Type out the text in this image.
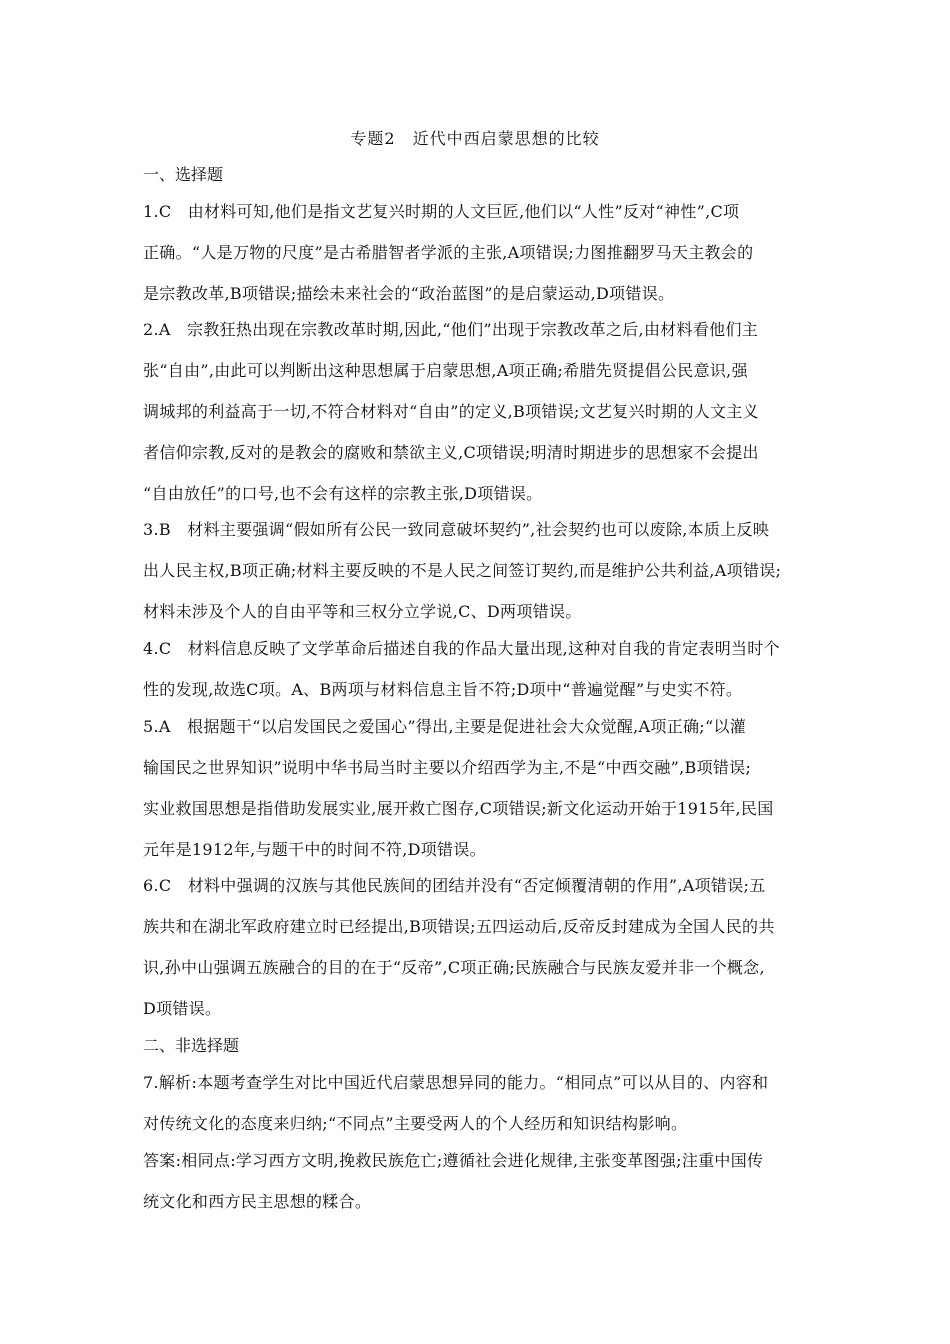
专题2　近代中西启蒙思想的比较
一、选择题
1.C　由材料可知,他们是指文艺复兴时期的人文巨匠,他们以“人性”反对“神性”,C项
正确。“人是万物的尺度”是古希腊智者学派的主张,A项错误;力图推翻罗马天主教会的
是宗教改革,B项错误;描绘未来社会的“政治蓝图”的是启蒙运动,D项错误。
2.A　宗教狂热出现在宗教改革时期,因此,“他们”出现于宗教改革之后,由材料看他们主
张“自由”,由此可以判断出这种思想属于启蒙思想,A项正确;希腊先贤提倡公民意识,强
调城邦的利益高于一切,不符合材料对“自由”的定义,B项错误;文艺复兴时期的人文主义
者信仰宗教,反对的是教会的腐败和禁欲主义,C项错误;明清时期进步的思想家不会提出
“自由放任”的口号,也不会有这样的宗教主张,D项错误。
3.B　材料主要强调“假如所有公民一致同意破坏契约”,社会契约也可以废除,本质上反映
出人民主权,B项正确;材料主要反映的不是人民之间签订契约,而是维护公共利益,A项错误;
材料未涉及个人的自由平等和三权分立学说,C、D两项错误。
4.C　材料信息反映了文学革命后描述自我的作品大量出现,这种对自我的肯定表明当时个
性的发现,故选C项。A、B两项与材料信息主旨不符;D项中“普遍觉醒”与史实不符。
5.A　根据题干“以启发国民之爱国心”得出,主要是促进社会大众觉醒,A项正确;“以灌
输国民之世界知识”说明中华书局当时主要以介绍西学为主,不是“中西交融”,B项错误;
实业救国思想是指借助发展实业,展开救亡图存,C项错误;新文化运动开始于1915年,民国
元年是1912年,与题干中的时间不符,D项错误。
6.C　材料中强调的汉族与其他民族间的团结并没有“否定倾覆清朝的作用”,A项错误;五
族共和在湖北军政府建立时已经提出,B项错误;五四运动后,反帝反封建成为全国人民的共
识,孙中山强调五族融合的目的在于“反帝”,C项正确;民族融合与民族友爱并非一个概念,
D项错误。
二、非选择题
7.解析:本题考查学生对比中国近代启蒙思想异同的能力。“相同点”可以从目的、内容和
对传统文化的态度来归纳;“不同点”主要受两人的个人经历和知识结构影响。
答案:相同点:学习西方文明,挽救民族危亡;遵循社会进化规律,主张变革图强;注重中国传
统文化和西方民主思想的糅合。
